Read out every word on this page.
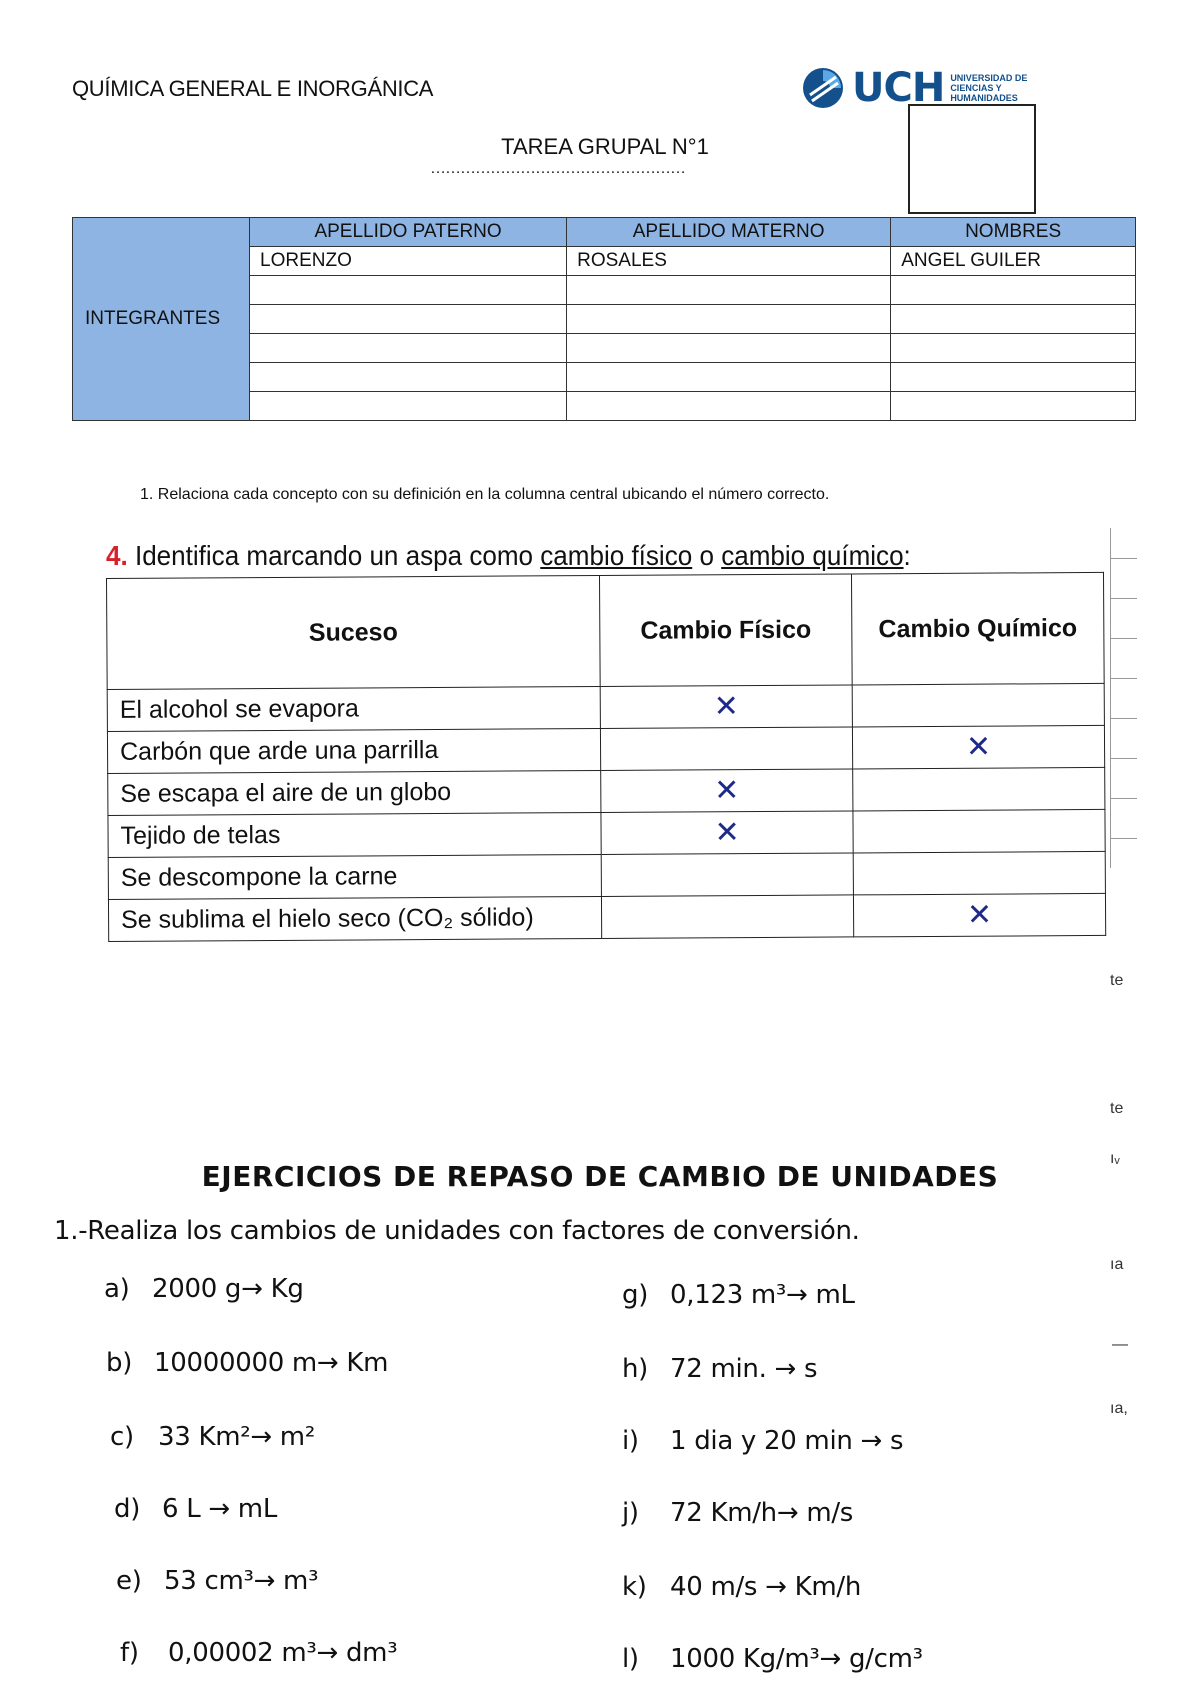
QUÍMICA GENERAL E INORGÁNICA	UCH UNIVERSIDAD DE
CIENCIAS Y
HUMANIDADES
TAREA GRUPAL N°1
……………………………………………
INTEGRANTES	APELLIDO PATERNO	APELLIDO MATERNO	NOMBRES
	LORENZO	ROSALES	ANGEL GUILER

1. Relaciona cada concepto con su definición en la columna central ubicando el número correcto.
4. Identifica marcando un aspa como cambio físico o cambio químico:
Suceso	Cambio Físico	Cambio Químico
El alcohol se evapora	✕	
Carbón que arde una parrilla		✕
Se escapa el aire de un globo	✕	
Tejido de telas	✕	
Se descompone la carne		
Se sublima el hielo seco (CO₂ sólido)		✕
te
te
ıᵥ
ıa
—
ıa,
EJERCICIOS DE REPASO DE CAMBIO DE UNIDADES
1.-Realiza los cambios de unidades con factores de conversión.
a) 2000 g→ Kg
b) 10000000 m→ Km
c) 33 Km²→ m²
d) 6 L → mL
e) 53 cm³→ m³
f) 0,00002 m³→ dm³
g) 0,123 m³→ mL
h) 72 min. → s
i) 1 dia y 20 min → s
j) 72 Km/h→ m/s
k) 40 m/s → Km/h
l) 1000 Kg/m³→ g/cm³
